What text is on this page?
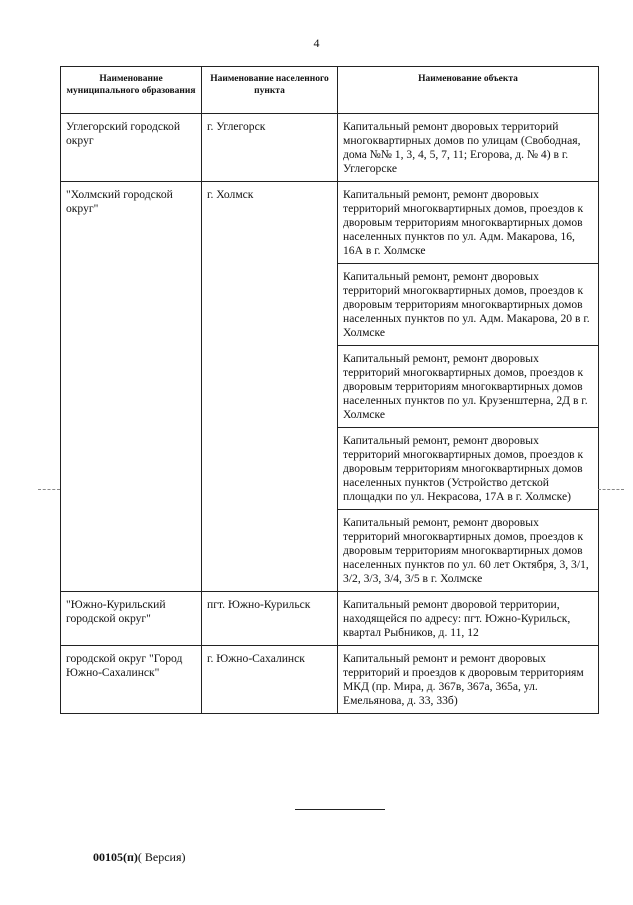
4
Наименование муниципального образования	Наименование населенного пункта	Наименование объекта
Углегорский городской округ	г. Углегорск	Капитальный ремонт дворовых территорий многоквартирных домов по улицам (Свободная, дома №№ 1, 3, 4, 5, 7, 11; Егорова, д. № 4) в г. Углегорске
"Холмский городской округ"	г. Холмск	Капитальный ремонт, ремонт дворовых территорий многоквартирных домов, проездов к дворовым территориям многоквартирных домов населенных пунктов по ул. Адм. Макарова, 16, 16А в г. Холмске
		Капитальный ремонт, ремонт дворовых территорий многоквартирных домов, проездов к дворовым территориям многоквартирных домов населенных пунктов по ул. Адм. Макарова, 20 в г. Холмске
		Капитальный ремонт, ремонт дворовых территорий многоквартирных домов, проездов к дворовым территориям многоквартирных домов населенных пунктов по ул. Крузенштерна, 2Д в г. Холмске
		Капитальный ремонт, ремонт дворовых территорий многоквартирных домов, проездов к дворовым территориям многоквартирных домов населенных пунктов (Устройство детской площадки по ул. Некрасова, 17А в г. Холмске)
		Капитальный ремонт, ремонт дворовых территорий многоквартирных домов, проездов к дворовым территориям многоквартирных домов населенных пунктов по ул. 60 лет Октября, 3, 3/1, 3/2, 3/3, 3/4, 3/5 в г. Холмске
"Южно-Курильский городской округ"	пгт. Южно-Курильск	Капитальный ремонт дворовой территории, находящейся по адресу: пгт. Южно-Курильск, квартал Рыбников, д. 11, 12
городской округ "Город Южно-Сахалинск"	г. Южно-Сахалинск	Капитальный ремонт и ремонт дворовых территорий и проездов к дворовым территориям МКД (пр. Мира, д. 367в, 367а, 365а, ул. Емельянова, д. 33, 33б)
00105(п)( Версия)
